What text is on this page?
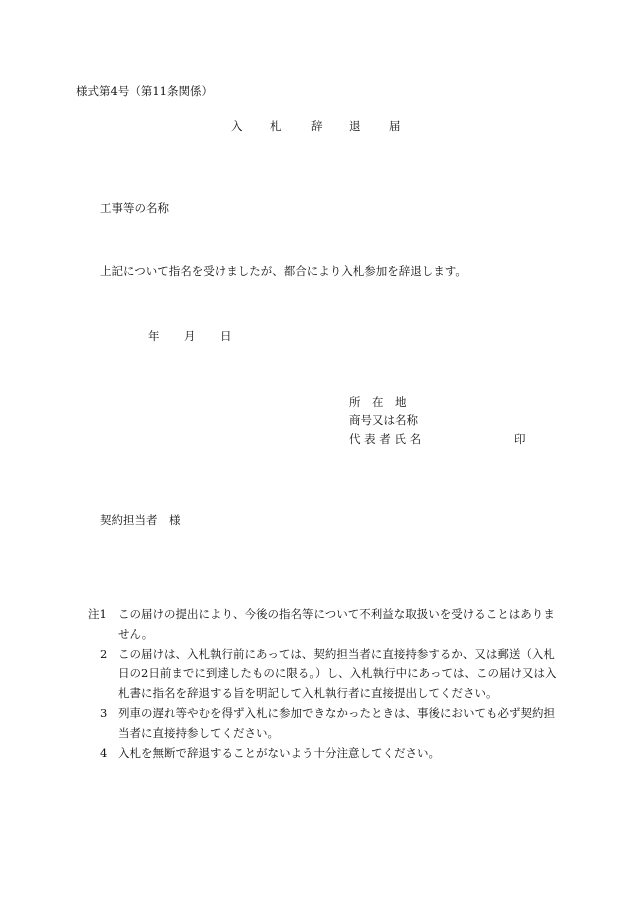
様式第4号（第11条関係）
入 札	辞 退 届
工事等の名称
上記について指名を受けましたが、都合により入札参加を辞退します。
年 月 日
所　在　地
商号又は名称
代 表 者 氏 名	印
契約担当者　様
注1 この届けの提出により、今後の指名等について不利益な取扱いを受けることはありません。
2 この届けは、入札執行前にあっては、契約担当者に直接持参するか、又は郵送（入札日の2日前までに到達したものに限る。）し、入札執行中にあっては、この届け又は入札書に指名を辞退する旨を明記して入札執行者に直接提出してください。
3 列車の遅れ等やむを得ず入札に参加できなかったときは、事後においても必ず契約担当者に直接持参してください。
4 入札を無断で辞退することがないよう十分注意してください。
